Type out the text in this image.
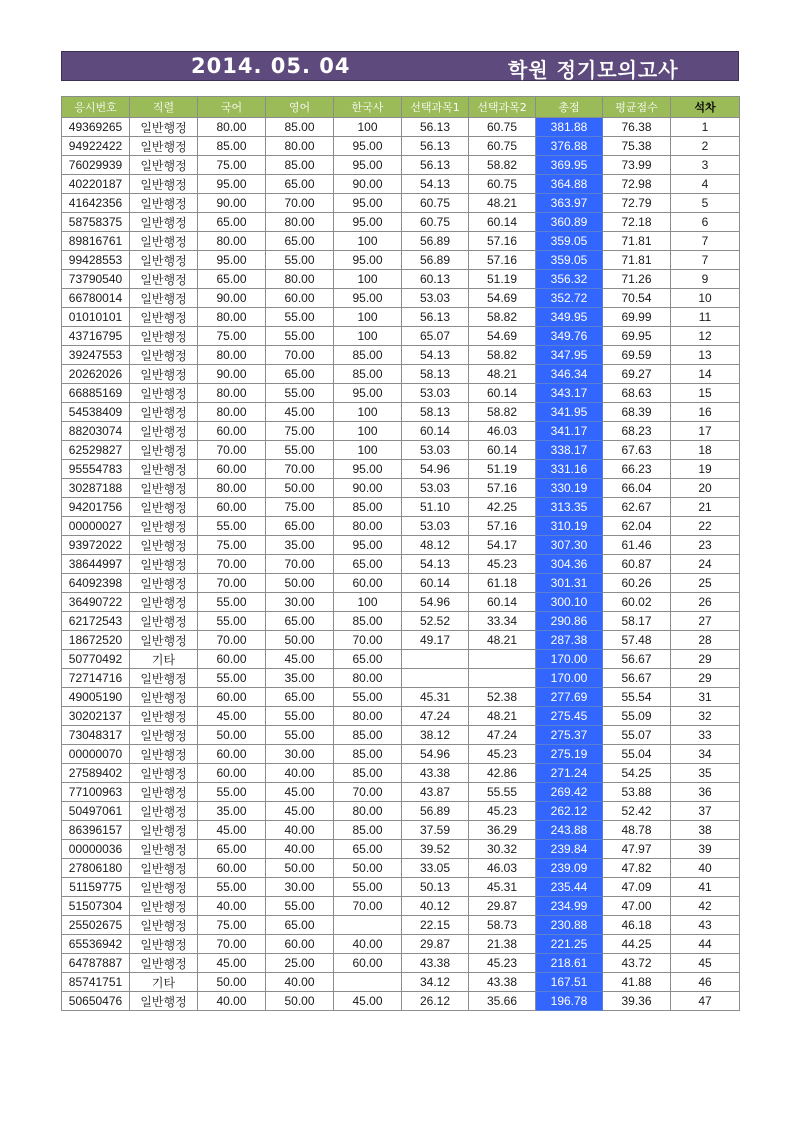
2014. 05. 04	학원 정기모의고사
응시번호	직렬	국어	영어	한국사	선택과목1	선택과목2	총점	평균점수	석차
49369265	일반행정	80.00	85.00	100	56.13	60.75	381.88	76.38	1
94922422	일반행정	85.00	80.00	95.00	56.13	60.75	376.88	75.38	2
76029939	일반행정	75.00	85.00	95.00	56.13	58.82	369.95	73.99	3
40220187	일반행정	95.00	65.00	90.00	54.13	60.75	364.88	72.98	4
41642356	일반행정	90.00	70.00	95.00	60.75	48.21	363.97	72.79	5
58758375	일반행정	65.00	80.00	95.00	60.75	60.14	360.89	72.18	6
89816761	일반행정	80.00	65.00	100	56.89	57.16	359.05	71.81	7
99428553	일반행정	95.00	55.00	95.00	56.89	57.16	359.05	71.81	7
73790540	일반행정	65.00	80.00	100	60.13	51.19	356.32	71.26	9
66780014	일반행정	90.00	60.00	95.00	53.03	54.69	352.72	70.54	10
01010101	일반행정	80.00	55.00	100	56.13	58.82	349.95	69.99	11
43716795	일반행정	75.00	55.00	100	65.07	54.69	349.76	69.95	12
39247553	일반행정	80.00	70.00	85.00	54.13	58.82	347.95	69.59	13
20262026	일반행정	90.00	65.00	85.00	58.13	48.21	346.34	69.27	14
66885169	일반행정	80.00	55.00	95.00	53.03	60.14	343.17	68.63	15
54538409	일반행정	80.00	45.00	100	58.13	58.82	341.95	68.39	16
88203074	일반행정	60.00	75.00	100	60.14	46.03	341.17	68.23	17
62529827	일반행정	70.00	55.00	100	53.03	60.14	338.17	67.63	18
95554783	일반행정	60.00	70.00	95.00	54.96	51.19	331.16	66.23	19
30287188	일반행정	80.00	50.00	90.00	53.03	57.16	330.19	66.04	20
94201756	일반행정	60.00	75.00	85.00	51.10	42.25	313.35	62.67	21
00000027	일반행정	55.00	65.00	80.00	53.03	57.16	310.19	62.04	22
93972022	일반행정	75.00	35.00	95.00	48.12	54.17	307.30	61.46	23
38644997	일반행정	70.00	70.00	65.00	54.13	45.23	304.36	60.87	24
64092398	일반행정	70.00	50.00	60.00	60.14	61.18	301.31	60.26	25
36490722	일반행정	55.00	30.00	100	54.96	60.14	300.10	60.02	26
62172543	일반행정	55.00	65.00	85.00	52.52	33.34	290.86	58.17	27
18672520	일반행정	70.00	50.00	70.00	49.17	48.21	287.38	57.48	28
50770492	기타	60.00	45.00	65.00			170.00	56.67	29
72714716	일반행정	55.00	35.00	80.00			170.00	56.67	29
49005190	일반행정	60.00	65.00	55.00	45.31	52.38	277.69	55.54	31
30202137	일반행정	45.00	55.00	80.00	47.24	48.21	275.45	55.09	32
73048317	일반행정	50.00	55.00	85.00	38.12	47.24	275.37	55.07	33
00000070	일반행정	60.00	30.00	85.00	54.96	45.23	275.19	55.04	34
27589402	일반행정	60.00	40.00	85.00	43.38	42.86	271.24	54.25	35
77100963	일반행정	55.00	45.00	70.00	43.87	55.55	269.42	53.88	36
50497061	일반행정	35.00	45.00	80.00	56.89	45.23	262.12	52.42	37
86396157	일반행정	45.00	40.00	85.00	37.59	36.29	243.88	48.78	38
00000036	일반행정	65.00	40.00	65.00	39.52	30.32	239.84	47.97	39
27806180	일반행정	60.00	50.00	50.00	33.05	46.03	239.09	47.82	40
51159775	일반행정	55.00	30.00	55.00	50.13	45.31	235.44	47.09	41
51507304	일반행정	40.00	55.00	70.00	40.12	29.87	234.99	47.00	42
25502675	일반행정	75.00	65.00		22.15	58.73	230.88	46.18	43
65536942	일반행정	70.00	60.00	40.00	29.87	21.38	221.25	44.25	44
64787887	일반행정	45.00	25.00	60.00	43.38	45.23	218.61	43.72	45
85741751	기타	50.00	40.00		34.12	43.38	167.51	41.88	46
50650476	일반행정	40.00	50.00	45.00	26.12	35.66	196.78	39.36	47
